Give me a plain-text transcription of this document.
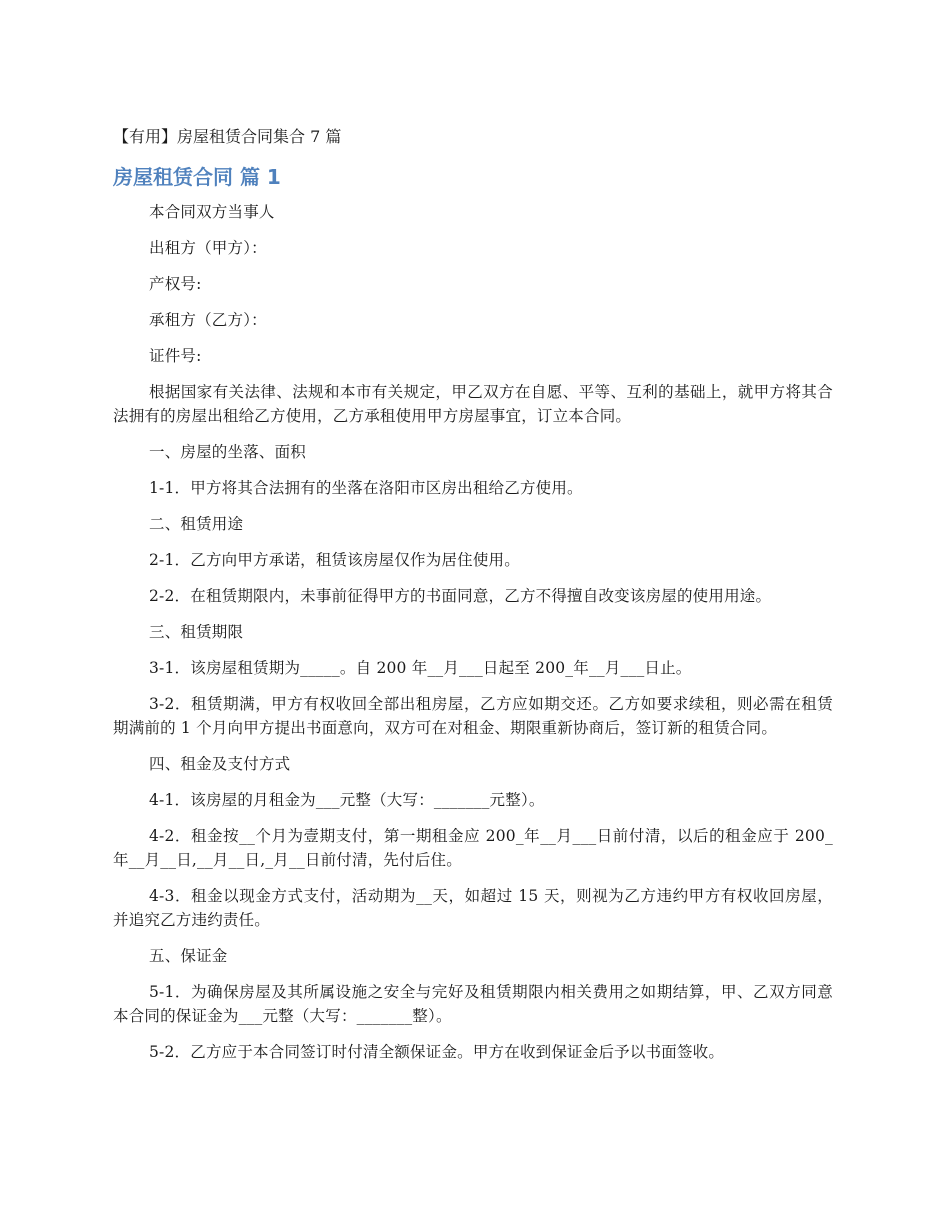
【有用】房屋租赁合同集合 7 篇

房屋租赁合同 篇 1

本合同双方当事人

出租方（甲方）：

产权号:

承租方（乙方）：

证件号:

根据国家有关法律、法规和本市有关规定，甲乙双方在自愿、平等、互利的基础上，就甲方将其合法拥有的房屋出租给乙方使用，乙方承租使用甲方房屋事宜，订立本合同。

一、房屋的坐落、面积

1-1．甲方将其合法拥有的坐落在洛阳市区房出租给乙方使用。

二、租赁用途

2-1．乙方向甲方承诺，租赁该房屋仅作为居住使用。

2-2．在租赁期限内，未事前征得甲方的书面同意，乙方不得擅自改变该房屋的使用用途。

三、租赁期限

3-1．该房屋租赁期为_____。自 200 年__月___日起至 200_年__月___日止。

3-2．租赁期满，甲方有权收回全部出租房屋，乙方应如期交还。乙方如要求续租，则必需在租赁期满前的 1 个月向甲方提出书面意向，双方可在对租金、期限重新协商后，签订新的租赁合同。

四、租金及支付方式

4-1．该房屋的月租金为___元整（大写：_______元整）。

4-2．租金按__个月为壹期支付，第一期租金应 200_年__月___日前付清，以后的租金应于 200_年__月__日,__月__日,_月__日前付清，先付后住。

4-3．租金以现金方式支付，活动期为__天，如超过 15 天，则视为乙方违约甲方有权收回房屋，并追究乙方违约责任。

五、保证金

5-1．为确保房屋及其所属设施之安全与完好及租赁期限内相关费用之如期结算，甲、乙双方同意本合同的保证金为___元整（大写：_______整）。

5-2．乙方应于本合同签订时付清全额保证金。甲方在收到保证金后予以书面签收。
